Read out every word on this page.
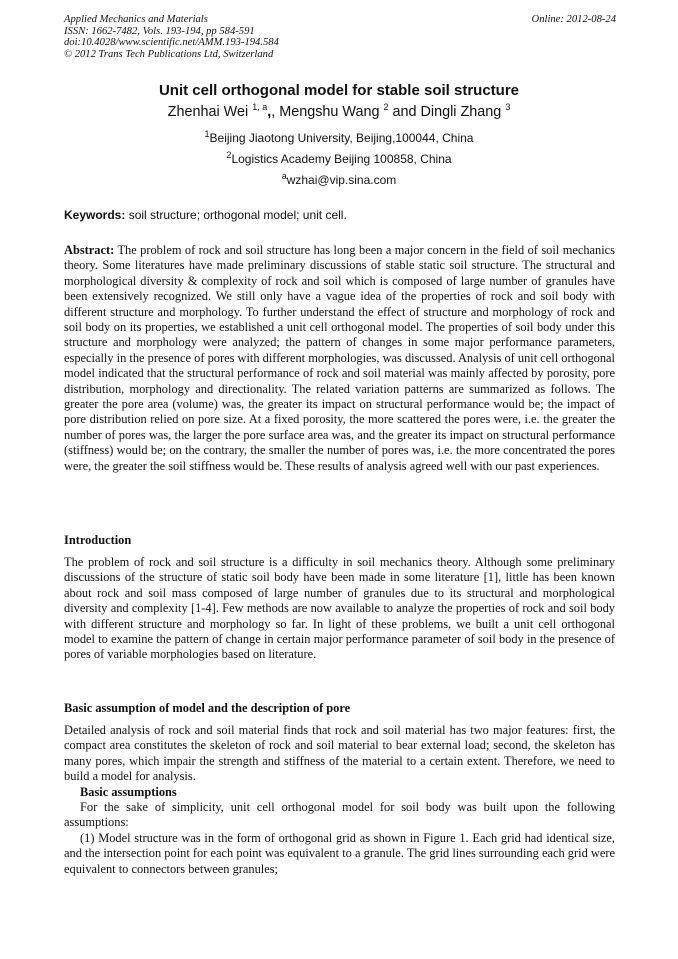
Applied Mechanics and Materials
ISSN: 1662-7482, Vols. 193-194, pp 584-591
doi:10.4028/www.scientific.net/AMM.193-194.584
© 2012 Trans Tech Publications Ltd, Switzerland
Online: 2012-08-24
Unit cell orthogonal model for stable soil structure
Zhenhai Wei $^{1, a}$,, Mengshu Wang $^2$ and Dingli Zhang $^3$
$^1$Beijing Jiaotong University, Beijing,100044, China
$^2$Logistics Academy Beijing 100858, China
$^a$wzhai@vip.sina.com
Keywords: soil structure; orthogonal model; unit cell.
Abstract: The problem of rock and soil structure has long been a major concern in the field of soil mechanics theory. Some literatures have made preliminary discussions of stable static soil structure. The structural and morphological diversity & complexity of rock and soil which is composed of large number of granules have been extensively recognized. We still only have a vague idea of the properties of rock and soil body with different structure and morphology. To further understand the effect of structure and morphology of rock and soil body on its properties, we established a unit cell orthogonal model. The properties of soil body under this structure and morphology were analyzed; the pattern of changes in some major performance parameters, especially in the presence of pores with different morphologies, was discussed. Analysis of unit cell orthogonal model indicated that the structural performance of rock and soil material was mainly affected by porosity, pore distribution, morphology and directionality. The related variation patterns are summarized as follows. The greater the pore area (volume) was, the greater its impact on structural performance would be; the impact of pore distribution relied on pore size. At a fixed porosity, the more scattered the pores were, i.e. the greater the number of pores was, the larger the pore surface area was, and the greater its impact on structural performance (stiffness) would be; on the contrary, the smaller the number of pores was, i.e. the more concentrated the pores were, the greater the soil stiffness would be. These results of analysis agreed well with our past experiences.
Introduction
The problem of rock and soil structure is a difficulty in soil mechanics theory. Although some preliminary discussions of the structure of static soil body have been made in some literature [1], little has been known about rock and soil mass composed of large number of granules due to its structural and morphological diversity and complexity [1-4]. Few methods are now available to analyze the properties of rock and soil body with different structure and morphology so far. In light of these problems, we built a unit cell orthogonal model to examine the pattern of change in certain major performance parameter of soil body in the presence of pores of variable morphologies based on literature.
Basic assumption of model and the description of pore
Detailed analysis of rock and soil material finds that rock and soil material has two major features: first, the compact area constitutes the skeleton of rock and soil material to bear external load; second, the skeleton has many pores, which impair the strength and stiffness of the material to a certain extent. Therefore, we need to build a model for analysis.
Basic assumptions
For the sake of simplicity, unit cell orthogonal model for soil body was built upon the following assumptions:
(1) Model structure was in the form of orthogonal grid as shown in Figure 1. Each grid had identical size, and the intersection point for each point was equivalent to a granule. The grid lines surrounding each grid were equivalent to connectors between granules;
